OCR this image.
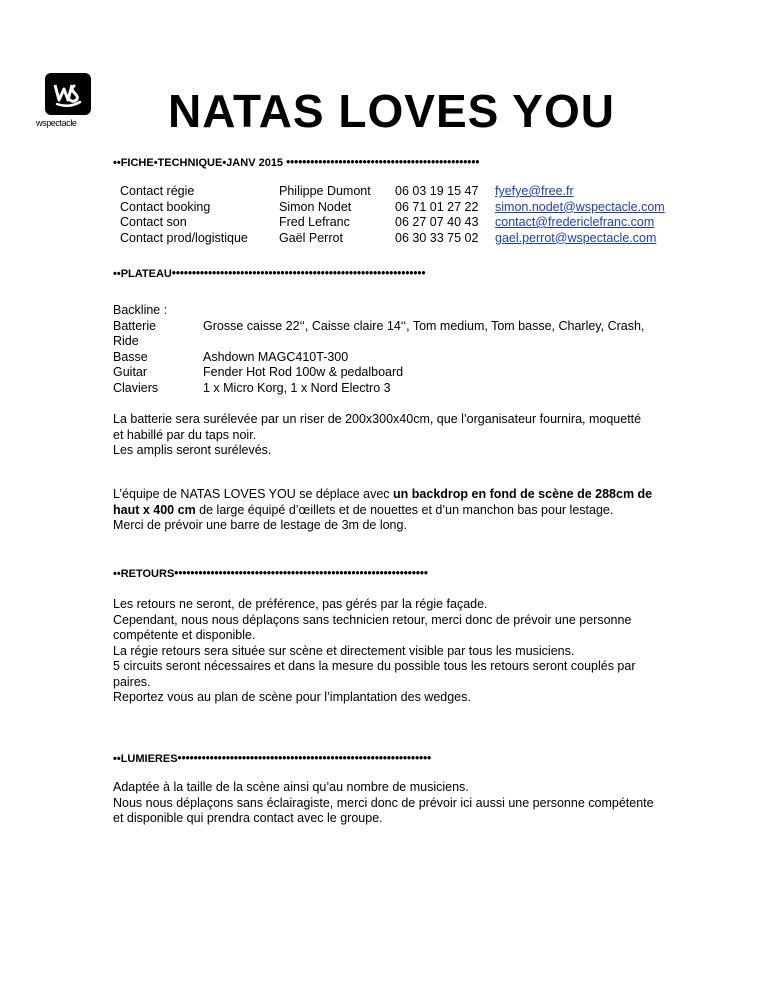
wspectacle NATAS LOVES YOU
••FICHE•TECHNIQUE•JANV 2015 ••••••••••••••••••••••••••••••••••••••••••••••••
Contact régie
Contact booking
Contact son
Contact prod/logistique
Philippe Dumont
Simon Nodet
Fred Lefranc
Gaël Perrot
06 03 19 15 47
06 71 01 27 22
06 27 07 40 43
06 30 33 75 02
fyefye@free.fr
simon.nodet@wspectacle.com
contact@fredericlefranc.com
gael.perrot@wspectacle.com
••PLATEAU•••••••••••••••••••••••••••••••••••••••••••••••••••••••••••••••
Backline :
Batterie
Ride
Basse
Guitar
Claviers
Grosse caisse 22‘‘, Caisse claire 14‘‘, Tom medium, Tom basse, Charley, Crash,
Ashdown MAGC410T-300
Fender Hot Rod 100w & pedalboard
1 x Micro Korg, 1 x Nord Electro 3
La batterie sera surélevée par un riser de 200x300x40cm, que l’organisateur fournira, moquetté
et habillé par du taps noir.
Les amplis seront surélevés.
L’équipe de NATAS LOVES YOU se déplace avec un backdrop en fond de scène de 288cm de
haut x 400 cm de large équipé d’œillets et de nouettes et d’un manchon bas pour lestage.
Merci de prévoir une barre de lestage de 3m de long.
••RETOURS•••••••••••••••••••••••••••••••••••••••••••••••••••••••••••••••
Les retours ne seront, de préférence, pas gérés par la régie façade.
Cependant, nous nous déplaçons sans technicien retour, merci donc de prévoir une personne
compétente et disponible.
La régie retours sera située sur scène et directement visible par tous les musiciens.
5 circuits seront nécessaires et dans la mesure du possible tous les retours seront couplés par
paires.
Reportez vous au plan de scène pour l’implantation des wedges.
••LUMIERES•••••••••••••••••••••••••••••••••••••••••••••••••••••••••••••••
Adaptée à la taille de la scène ainsi qu’au nombre de musiciens.
Nous nous déplaçons sans éclairagiste, merci donc de prévoir ici aussi une personne compétente
et disponible qui prendra contact avec le groupe.
